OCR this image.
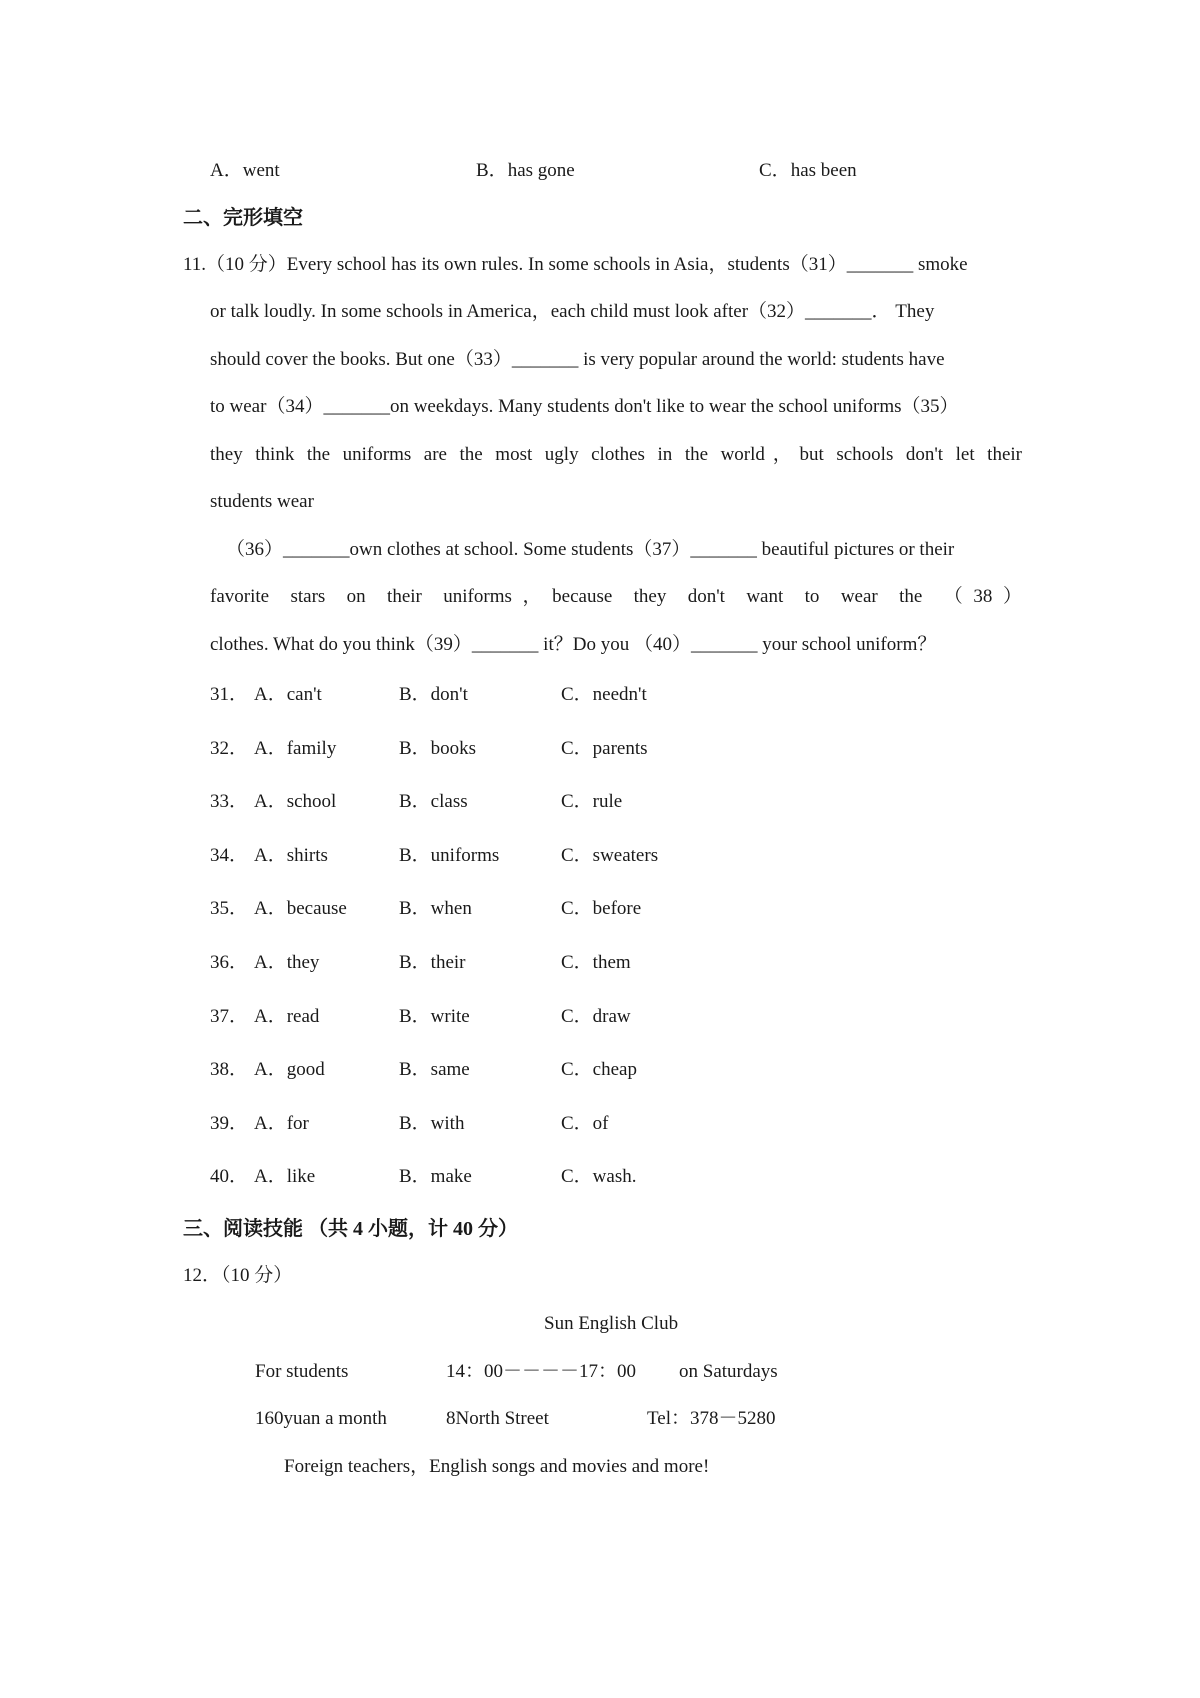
A．went	B．has gone	C．has been
二、完形填空
11.（10 分）Every school has its own rules. In some schools in Asia，students（31）_______ smoke
or talk loudly. In some schools in America，each child must look after（32）_______． They
should cover the books. But one（33）_______ is very popular around the world: students have
to wear（34）_______on weekdays. Many students don't like to wear the school uniforms（35）
they think the uniforms are the most ugly clothes in the world，but schools don't let their
students wear
（36）_______own clothes at school. Some students（37）_______ beautiful pictures or their
favorite stars on their uniforms，because they don't want to wear the （38）
clothes. What do you think（39）_______ it？Do you （40）_______ your school uniform？
31． A．can't	B．don't	C．needn't
32． A．family	B．books	C．parents
33． A．school	B．class	C．rule
34． A．shirts	B．uniforms	C．sweaters
35． A．because	B．when	C．before
36． A．they	B．their	C．them
37． A．read	B．write	C．draw
38． A．good	B．same	C．cheap
39． A．for	B．with	C．of
40． A．like	B．make	C．wash.
三、阅读技能 （共 4 小题，计 40 分）
12．（10 分）
Sun English Club
For students	14：00－－－－17：00 on Saturdays
160yuan a month	8North Street	Tel：378－5280
Foreign teachers，English songs and movies and more!
